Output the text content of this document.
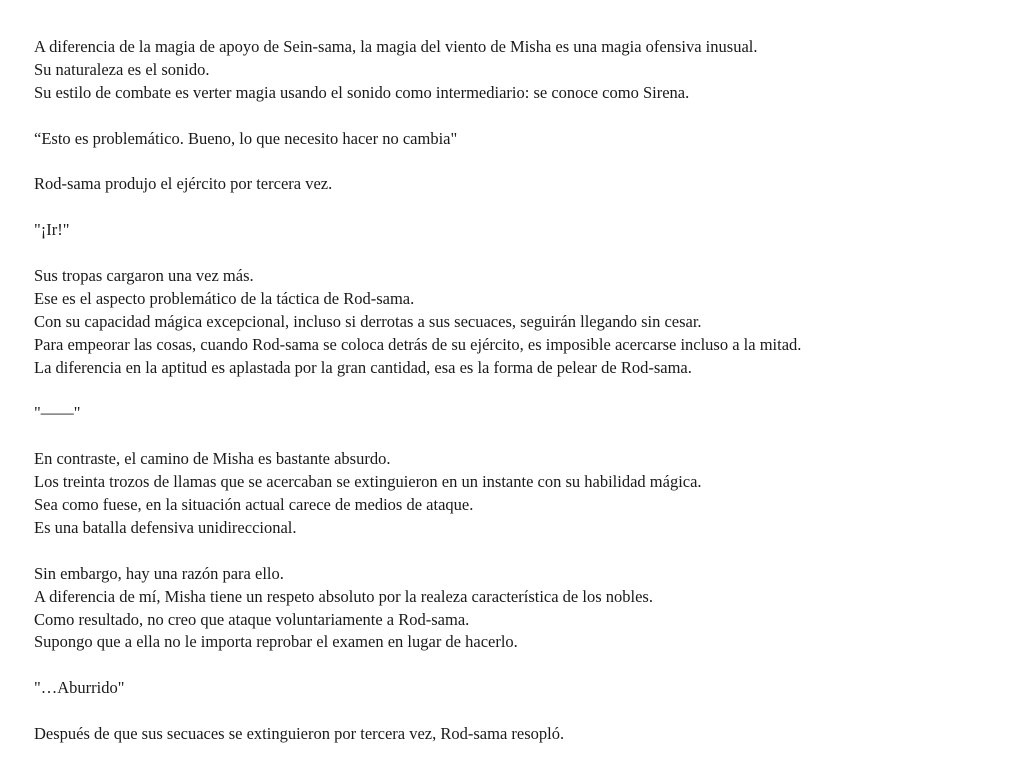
A diferencia de la magia de apoyo de Sein-sama, la magia del viento de Misha es una magia ofensiva inusual.
Su naturaleza es el sonido.
Su estilo de combate es verter magia usando el sonido como intermediario: se conoce como Sirena.

“Esto es problemático. Bueno, lo que necesito hacer no cambia"

Rod-sama produjo el ejército por tercera vez.

"¡Ir!"

Sus tropas cargaron una vez más.
Ese es el aspecto problemático de la táctica de Rod-sama.
Con su capacidad mágica excepcional, incluso si derrotas a sus secuaces, seguirán llegando sin cesar.
Para empeorar las cosas, cuando Rod-sama se coloca detrás de su ejército, es imposible acercarse incluso a la mitad.
La diferencia en la aptitud es aplastada por la gran cantidad, esa es la forma de pelear de Rod-sama.

"——"

En contraste, el camino de Misha es bastante absurdo.
Los treinta trozos de llamas que se acercaban se extinguieron en un instante con su habilidad mágica.
Sea como fuese, en la situación actual carece de medios de ataque.
Es una batalla defensiva unidireccional.

Sin embargo, hay una razón para ello.
A diferencia de mí, Misha tiene un respeto absoluto por la realeza característica de los nobles.
Como resultado, no creo que ataque voluntariamente a Rod-sama.
Supongo que a ella no le importa reprobar el examen en lugar de hacerlo.

"…Aburrido"

Después de que sus secuaces se extinguieron por tercera vez, Rod-sama resopló.
